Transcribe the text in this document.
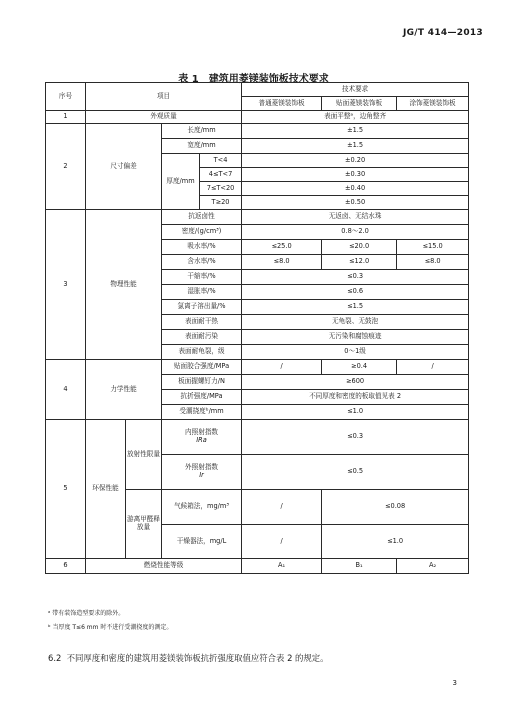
JG/T 414—2013
表 1　建筑用菱镁装饰板技术要求
序号	项目				技术要求		
					普通菱镁装饰板	贴面菱镁装饰板	涂饰菱镁装饰板
1	外观质量				表面平整ᵃ，边角整齐		
2	尺寸偏差		长度/mm		±1.5		
			宽度/mm		±1.5		
			厚度/mm	T<4	±0.20		
				4≤T<7	±0.30		
				7≤T<20	±0.40		
				T≥20	±0.50		
3	物理性能		抗返卤性		无返卤、无结水珠		
			密度/(g/cm³)		0.8～2.0		
			吸水率/%		≤25.0	≤20.0	≤15.0
			含水率/%		≤8.0	≤12.0	≤8.0
			干缩率/%		≤0.3		
			湿胀率/%		≤0.6		
			氯离子溶出量/%		≤1.5		
			表面耐干热		无龟裂、无鼓泡		
			表面耐污染		无污染和腐蚀痕迹		
			表面耐龟裂，级		0～1级		
4	力学性能		贴面胶合强度/MPa		/	≥0.4	/
			板面握螺钉力/N		≥600		
			抗折强度/MPa		不同厚度和密度的板取值见表 2		
			受潮挠度ᵇ/mm		≤1.0		
5	环保性能	放射性限量	内照射指数
IRa		≤0.3		
			外照射指数
Ir		≤0.5		
		游离甲醛释放量	气候箱法，mg/m³		/	≤0.08	
			干燥器法，mg/L		/	≤1.0	
6	燃烧性能等级				A₁	B₁	A₂
ᵃ 带有装饰造型要求的除外。
ᵇ 当厚度 T≤6 mm 时不进行受潮挠度的测定。
6.2 不同厚度和密度的建筑用菱镁装饰板抗折强度取值应符合表 2 的规定。
3
